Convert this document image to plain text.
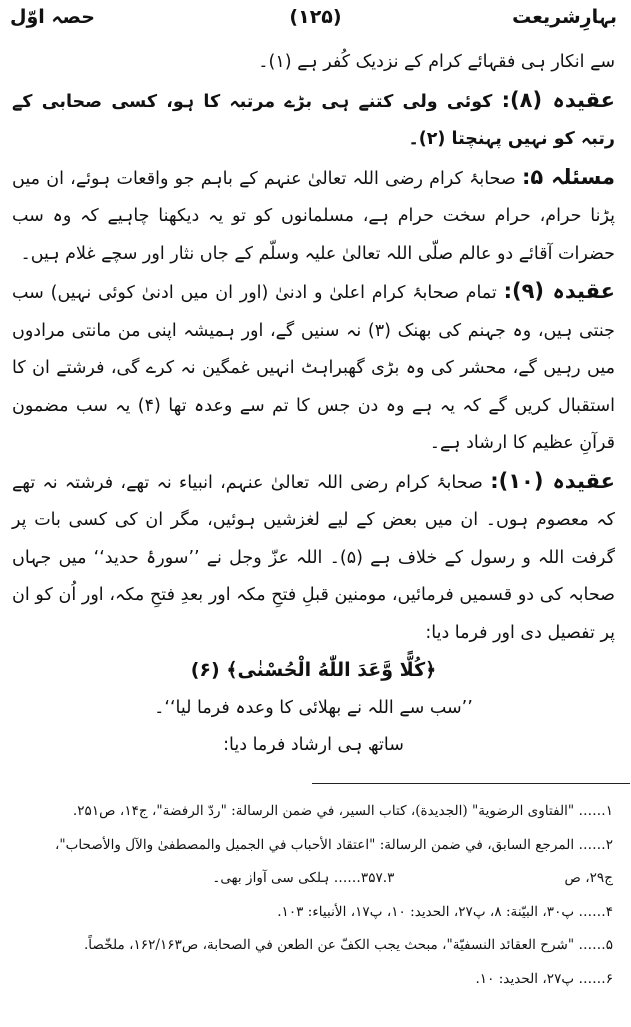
بہارِشریعت
(۱۲۵)
حصہ اوّل

سے انکار ہی فقہائے کرام کے نزدیک کُفر ہے (۱)۔

عقیدہ (۸): کوئی ولی کتنے ہی بڑے مرتبہ کا ہو، کسی صحابی کے رتبہ کو نہیں پہنچتا (۲)۔

مسئلہ ۵: صحابۂ کرام رضی اللہ تعالیٰ عنہم کے باہم جو واقعات ہوئے، ان میں پڑنا حرام، حرام سخت حرام ہے، مسلمانوں کو تو یہ دیکھنا چاہیے کہ وہ سب حضرات آقائے دو عالم صلّی اللہ تعالیٰ علیہ وسلّم کے جاں نثار اور سچے غلام ہیں۔

عقیدہ (۹): تمام صحابۂ کرام اعلیٰ و ادنیٰ (اور ان میں ادنیٰ کوئی نہیں) سب جنتی ہیں، وہ جہنم کی بھنک (۳) نہ سنیں گے، اور ہمیشہ اپنی من مانتی مرادوں میں رہیں گے، محشر کی وہ بڑی گھبراہٹ انہیں غمگین نہ کرے گی، فرشتے ان کا استقبال کریں گے کہ یہ ہے وہ دن جس کا تم سے وعدہ تھا (۴) یہ سب مضمون قرآنِ عظیم کا ارشاد ہے۔

عقیدہ (۱۰): صحابۂ کرام رضی اللہ تعالیٰ عنہم، انبیاء نہ تھے، فرشتہ نہ تھے کہ معصوم ہوں۔ ان میں بعض کے لیے لغزشیں ہوئیں، مگر ان کی کسی بات پر گرفت اللہ و رسول کے خلاف ہے (۵)۔ اللہ عزّ وجل نے ’’سورۂ حدید‘‘ میں جہاں صحابہ کی دو قسمیں فرمائیں، مومنین قبلِ فتحِ مکہ اور بعدِ فتحِ مکہ، اور اُن کو ان پر تفصیل دی اور فرما دیا:

﴿كُلًّا وَّعَدَ اللّٰهُ الْحُسْنٰى﴾ (۶)

’’سب سے اللہ نے بھلائی کا وعدہ فرما لیا‘‘۔

ساتھ ہی ارشاد فرما دیا:

۱…… "الفتاوى الرضوية" (الجديدة)، كتاب السير، في ضمن الرسالة: "ردّ الرفضة"، ج۱۴، ص۲۵۱.

۲…… المرجع السابق، في ضمن الرسالة: "اعتقاد الأحباب في الجميل والمصطفىٰ والآل والأصحاب"،

ج۲۹، ص۳۵۷.۳…… ہلکی سی آواز بھی۔

۴…… پ۳۰، البيّنة: ۸، پ۲۷، الحديد: ۱۰، پ۱۷، الأنبياء: ۱۰۳.

۵…… "شرح العقائد النسفيّة"، مبحث يجب الكفّ عن الطعن في الصحابة، ص۱۶۲/۱۶۳، ملخّصاً.

۶…… پ۲۷، الحديد: ۱۰.
